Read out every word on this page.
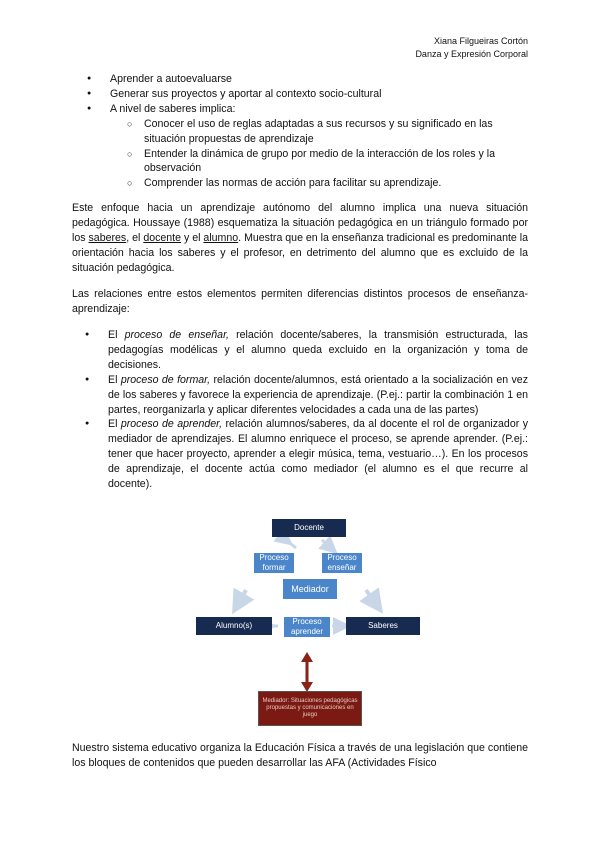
Xiana Filgueiras Cortón
Danza y Expresión Corporal
● Aprender a autoevaluarse
● Generar sus proyectos y aportar al contexto socio-cultural
● A nivel de saberes implica:
○ Conocer el uso de reglas adaptadas a sus recursos y su significado en las situación propuestas de aprendizaje
○ Entender la dinámica de grupo por medio de la interacción de los roles y la observación
○ Comprender las normas de acción para facilitar su aprendizaje.

Este enfoque hacia un aprendizaje autónomo del alumno implica una nueva situación pedagógica. Houssaye (1988) esquematiza la situación pedagógica en un triángulo formado por los saberes, el docente y el alumno. Muestra que en la enseñanza tradicional es predominante la orientación hacia los saberes y el profesor, en detrimento del alumno que es excluido de la situación pedagógica.

Las relaciones entre estos elementos permiten diferencias distintos procesos de enseñanza-aprendizaje:

● El proceso de enseñar, relación docente/saberes, la transmisión estructurada, las pedagogías modélicas y el alumno queda excluido en la organización y toma de decisiones.
● El proceso de formar, relación docente/alumnos, está orientado a la socialización en vez de los saberes y favorece la experiencia de aprendizaje. (P.ej.: partir la combinación 1 en partes, reorganizarla y aplicar diferentes velocidades a cada una de las partes)
● El proceso de aprender, relación alumnos/saberes, da al docente el rol de organizador y mediador de aprendizajes. El alumno enriquece el proceso, se aprende aprender. (P.ej.: tener que hacer proyecto, aprender a elegir música, tema, vestuario…). En los procesos de aprendizaje, el docente actúa como mediador (el alumno es el que recurre al docente).
Docente
Proceso formar
Proceso enseñar
Mediador
Alumno(s)	Proceso aprender
Saberes
Mediador: Situaciones pedagógicas propuestas y comunicaciones en juego

Nuestro sistema educativo organiza la Educación Física a través de una legislación que contiene los bloques de contenidos que pueden desarrollar las AFA (Actividades Físico
